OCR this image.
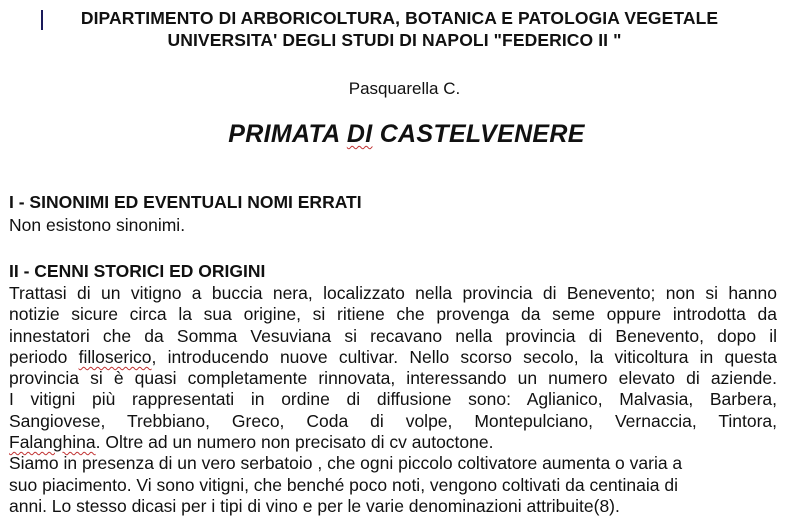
DIPARTIMENTO DI ARBORICOLTURA, BOTANICA E PATOLOGIA VEGETALE
UNIVERSITA' DEGLI STUDI DI NAPOLI "FEDERICO II "
Pasquarella C.
PRIMATA DI CASTELVENERE
I - SINONIMI ED EVENTUALI NOMI ERRATI
Non esistono sinonimi.
II - CENNI STORICI ED ORIGINI
Trattasi di un vitigno a buccia nera, localizzato nella provincia di Benevento; non si hanno
notizie sicure circa la sua origine, si ritiene che provenga da seme oppure introdotta da
innestatori che da Somma Vesuviana si recavano nella provincia di Benevento, dopo il
periodo filloserico, introducendo nuove cultivar. Nello scorso secolo, la viticoltura in questa
provincia si è quasi completamente rinnovata, interessando un numero elevato di aziende.
I vitigni più rappresentati in ordine di diffusione sono: Aglianico, Malvasia, Barbera,
Sangiovese, Trebbiano, Greco, Coda di volpe, Montepulciano, Vernaccia, Tintora,
Falanghina. Oltre ad un numero non precisato di cv autoctone.
Siamo in presenza di un vero serbatoio , che ogni piccolo coltivatore aumenta o varia a
suo piacimento. Vi sono vitigni, che benché poco noti, vengono coltivati da centinaia di
anni. Lo stesso dicasi per i tipi di vino e per le varie denominazioni attribuite(8).
